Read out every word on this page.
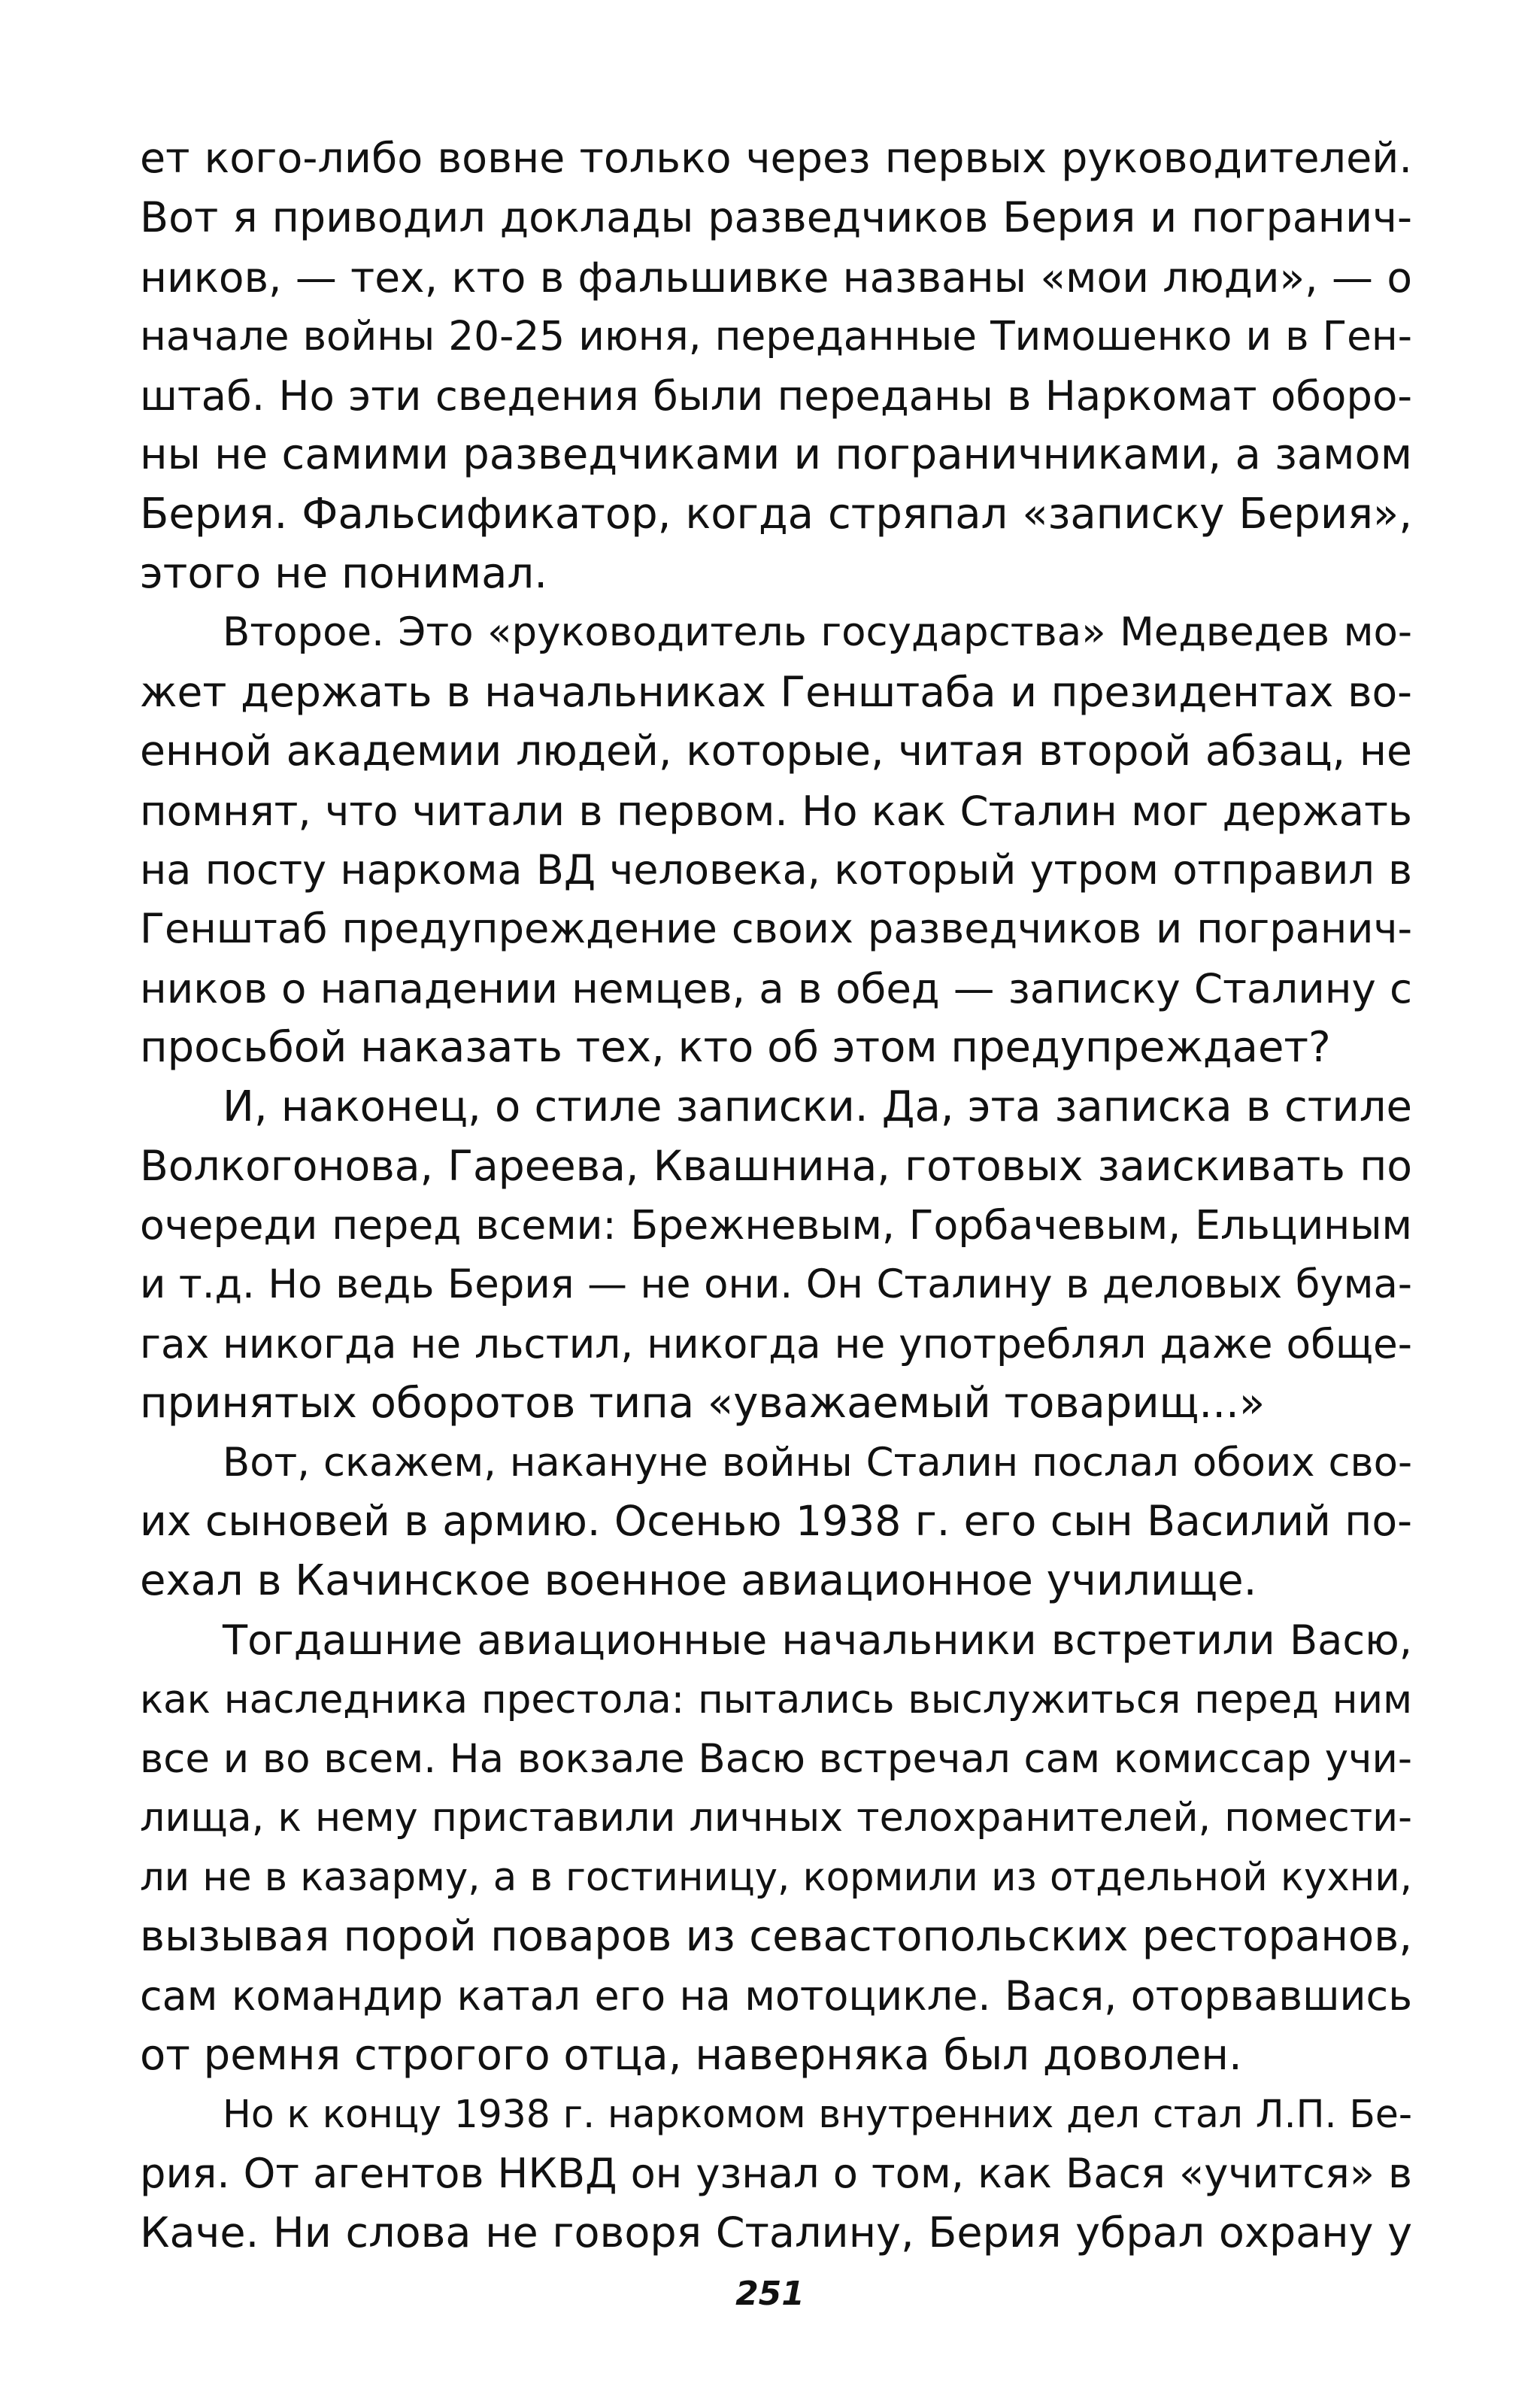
ет кого-либо вовне только через первых руководителей.
Вот я приводил доклады разведчиков Берия и погранич-
ников, — тех, кто в фальшивке названы «мои люди», — о
начале войны 20-25 июня, переданные Тимошенко и в Ген-
штаб. Но эти сведения были переданы в Наркомат оборо-
ны не самими разведчиками и пограничниками, а замом
Берия. Фальсификатор, когда стряпал «записку Берия»,
этого не понимал.
Второе. Это «руководитель государства» Медведев мо-
жет держать в начальниках Генштаба и президентах во-
енной академии людей, которые, читая второй абзац, не
помнят, что читали в первом. Но как Сталин мог держать
на посту наркома ВД человека, который утром отправил в
Генштаб предупреждение своих разведчиков и погранич-
ников о нападении немцев, а в обед — записку Сталину с
просьбой наказать тех, кто об этом предупреждает?
И, наконец, о стиле записки. Да, эта записка в стиле
Волкогонова, Гареева, Квашнина, готовых заискивать по
очереди перед всеми: Брежневым, Горбачевым, Ельциным
и т.д. Но ведь Берия — не они. Он Сталину в деловых бума-
гах никогда не льстил, никогда не употреблял даже обще-
принятых оборотов типа «уважаемый товарищ...»
Вот, скажем, накануне войны Сталин послал обоих сво-
их сыновей в армию. Осенью 1938 г. его сын Василий по-
ехал в Качинское военное авиационное училище.
Тогдашние авиационные начальники встретили Васю,
как наследника престола: пытались выслужиться перед ним
все и во всем. На вокзале Васю встречал сам комиссар учи-
лища, к нему приставили личных телохранителей, помести-
ли не в казарму, а в гостиницу, кормили из отдельной кухни,
вызывая порой поваров из севастопольских ресторанов,
сам командир катал его на мотоцикле. Вася, оторвавшись
от ремня строгого отца, наверняка был доволен.
Но к концу 1938 г. наркомом внутренних дел стал Л.П. Бе-
рия. От агентов НКВД он узнал о том, как Вася «учится» в
Каче. Ни слова не говоря Сталину, Берия убрал охрану у
251
